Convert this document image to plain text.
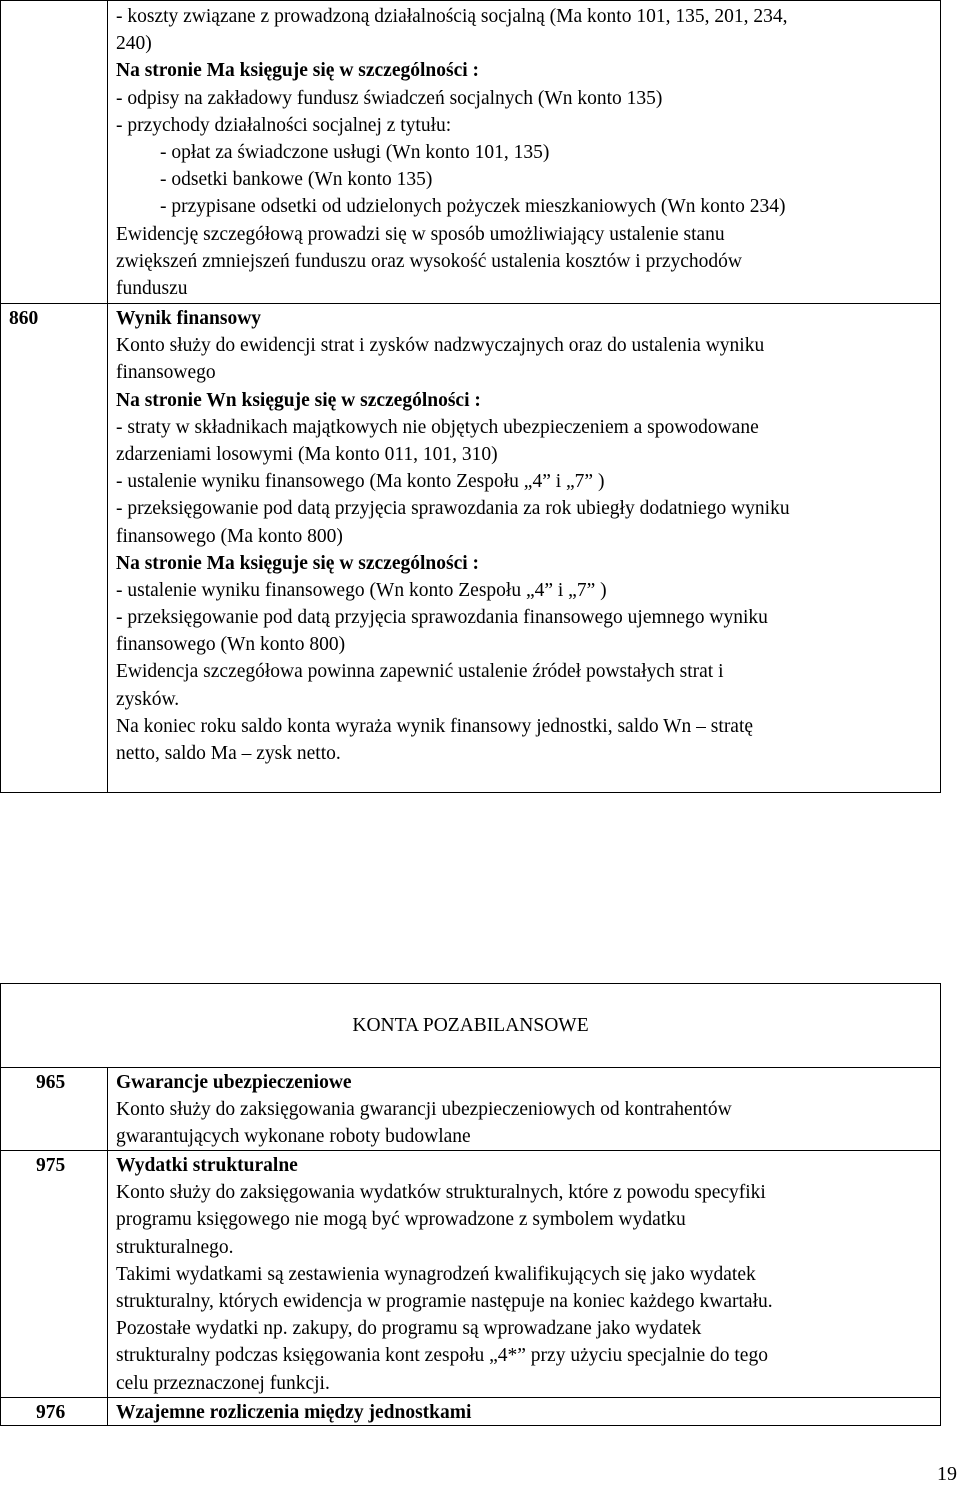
- koszty związane z prowadzoną działalnością socjalną (Ma konto 101, 135, 201, 234,
240)
Na stronie Ma księguje się w szczególności :
- odpisy na zakładowy fundusz świadczeń socjalnych (Wn konto 135)
- przychody działalności socjalnej z tytułu:
- opłat za świadczone usługi (Wn konto 101, 135)
- odsetki bankowe (Wn konto 135)
- przypisane odsetki od udzielonych pożyczek mieszkaniowych (Wn konto 234)
Ewidencję szczegółową prowadzi się w sposób umożliwiający ustalenie stanu
zwiększeń zmniejszeń funduszu oraz wysokość ustalenia kosztów i przychodów
funduszu
860	Wynik finansowy
Konto służy do ewidencji strat i zysków nadzwyczajnych oraz do ustalenia wyniku
finansowego
Na stronie Wn księguje się w szczególności :
- straty w składnikach majątkowych nie objętych ubezpieczeniem a spowodowane
zdarzeniami losowymi (Ma konto 011, 101, 310)
- ustalenie wyniku finansowego (Ma konto Zespołu „4” i „7” )
- przeksięgowanie pod datą przyjęcia sprawozdania za rok ubiegły dodatniego wyniku
finansowego (Ma konto 800)
Na stronie Ma księguje się w szczególności :
- ustalenie wyniku finansowego (Wn konto Zespołu „4” i „7” )
- przeksięgowanie pod datą przyjęcia sprawozdania finansowego ujemnego wyniku
finansowego (Wn konto 800)
Ewidencja szczegółowa powinna zapewnić ustalenie źródeł powstałych strat i
zysków.
Na koniec roku saldo konta wyraża wynik finansowy jednostki, saldo Wn – stratę
netto, saldo Ma – zysk netto.
KONTA POZABILANSOWE
965	Gwarancje ubezpieczeniowe
Konto służy do zaksięgowania gwarancji ubezpieczeniowych od kontrahentów
gwarantujących wykonane roboty budowlane
975	Wydatki strukturalne
Konto służy do zaksięgowania wydatków strukturalnych, które z powodu specyfiki
programu księgowego nie mogą być wprowadzone z symbolem wydatku
strukturalnego.
Takimi wydatkami są zestawienia wynagrodzeń kwalifikujących się jako wydatek
strukturalny, których ewidencja w programie następuje na koniec każdego kwartału.
Pozostałe wydatki np. zakupy, do programu są wprowadzane jako wydatek
strukturalny podczas księgowania kont zespołu „4*” przy użyciu specjalnie do tego
celu przeznaczonej funkcji.
976	Wzajemne rozliczenia między jednostkami
19
